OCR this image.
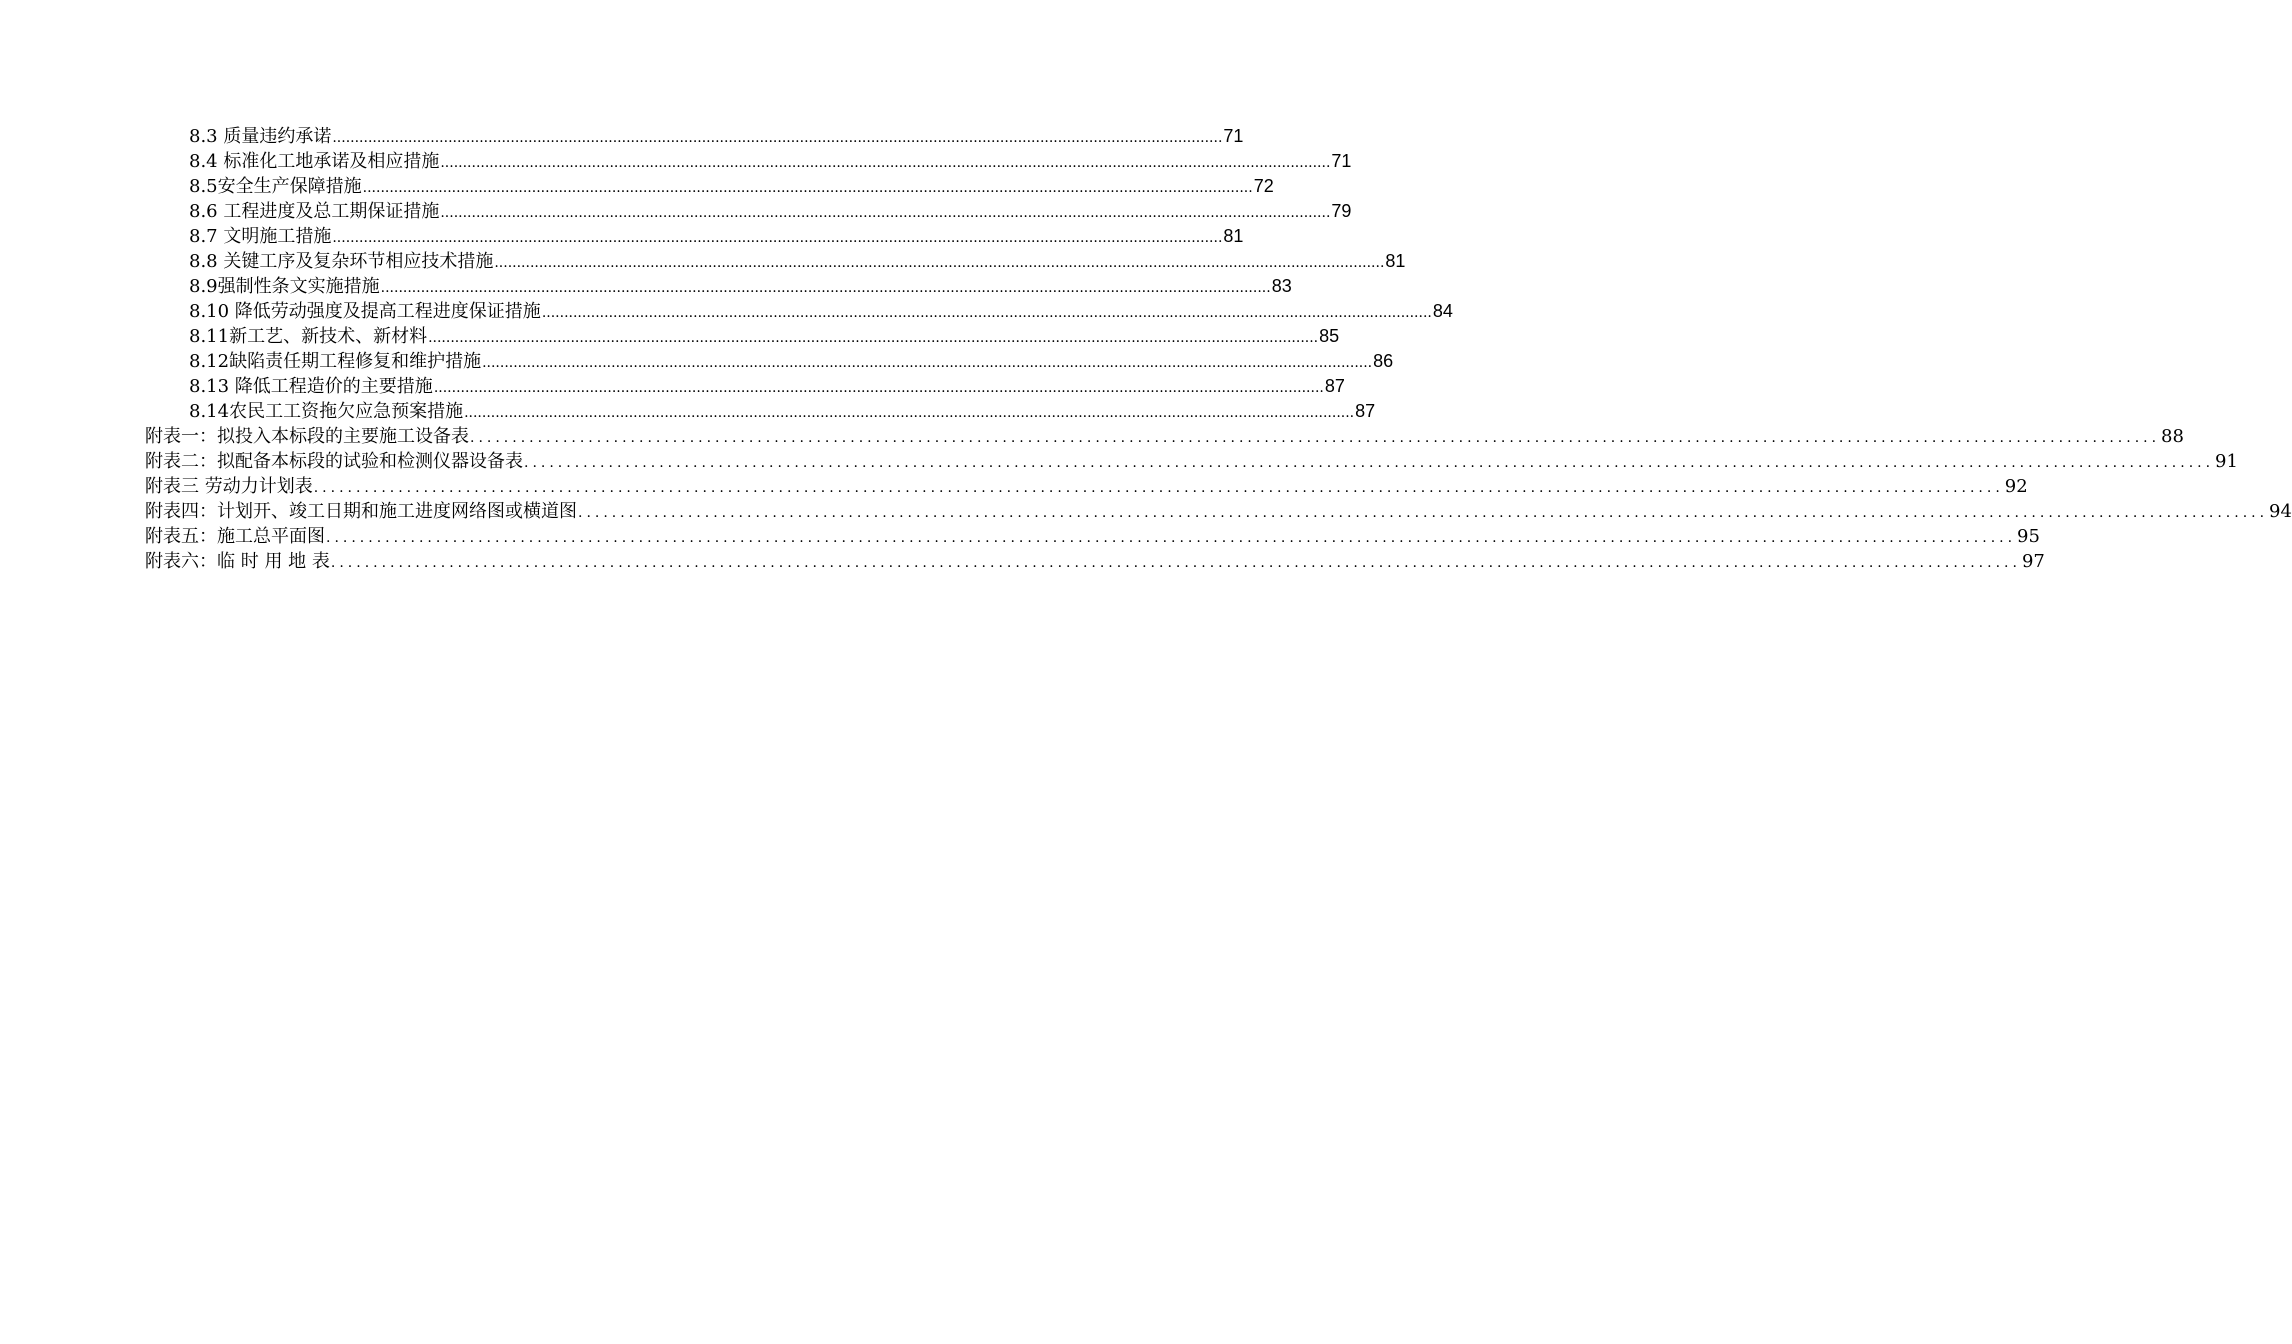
8.3 质量违约承诺 ........................................................................................................................................................................................................ 71
8.4 标准化工地承诺及相应措施 ........................................................................................................................................................................................................ 71
8.5安全生产保障措施 ........................................................................................................................................................................................................ 72
8.6 工程进度及总工期保证措施 ........................................................................................................................................................................................................ 79
8.7 文明施工措施 ........................................................................................................................................................................................................ 81
8.8 关键工序及复杂环节相应技术措施 ........................................................................................................................................................................................................ 81
8.9强制性条文实施措施 ........................................................................................................................................................................................................ 83
8.10 降低劳动强度及提高工程进度保证措施 ........................................................................................................................................................................................................ 84
8.11新工艺、新技术、新材料 ........................................................................................................................................................................................................ 85
8.12缺陷责任期工程修复和维护措施 ........................................................................................................................................................................................................ 86
8.13 降低工程造价的主要措施 ........................................................................................................................................................................................................ 87
8.14农民工工资拖欠应急预案措施 ........................................................................................................................................................................................................ 87
附表一：拟投入本标段的主要施工设备表 ........................................................................................................................................................................................................ 88
附表二：拟配备本标段的试验和检测仪器设备表 ........................................................................................................................................................................................................ 91
附表三 劳动力计划表 ........................................................................................................................................................................................................ 92
附表四：计划开、竣工日期和施工进度网络图或横道图 ........................................................................................................................................................................................................ 94
附表五：施工总平面图 ........................................................................................................................................................................................................ 95
附表六：临 时 用 地 表 ........................................................................................................................................................................................................ 97
